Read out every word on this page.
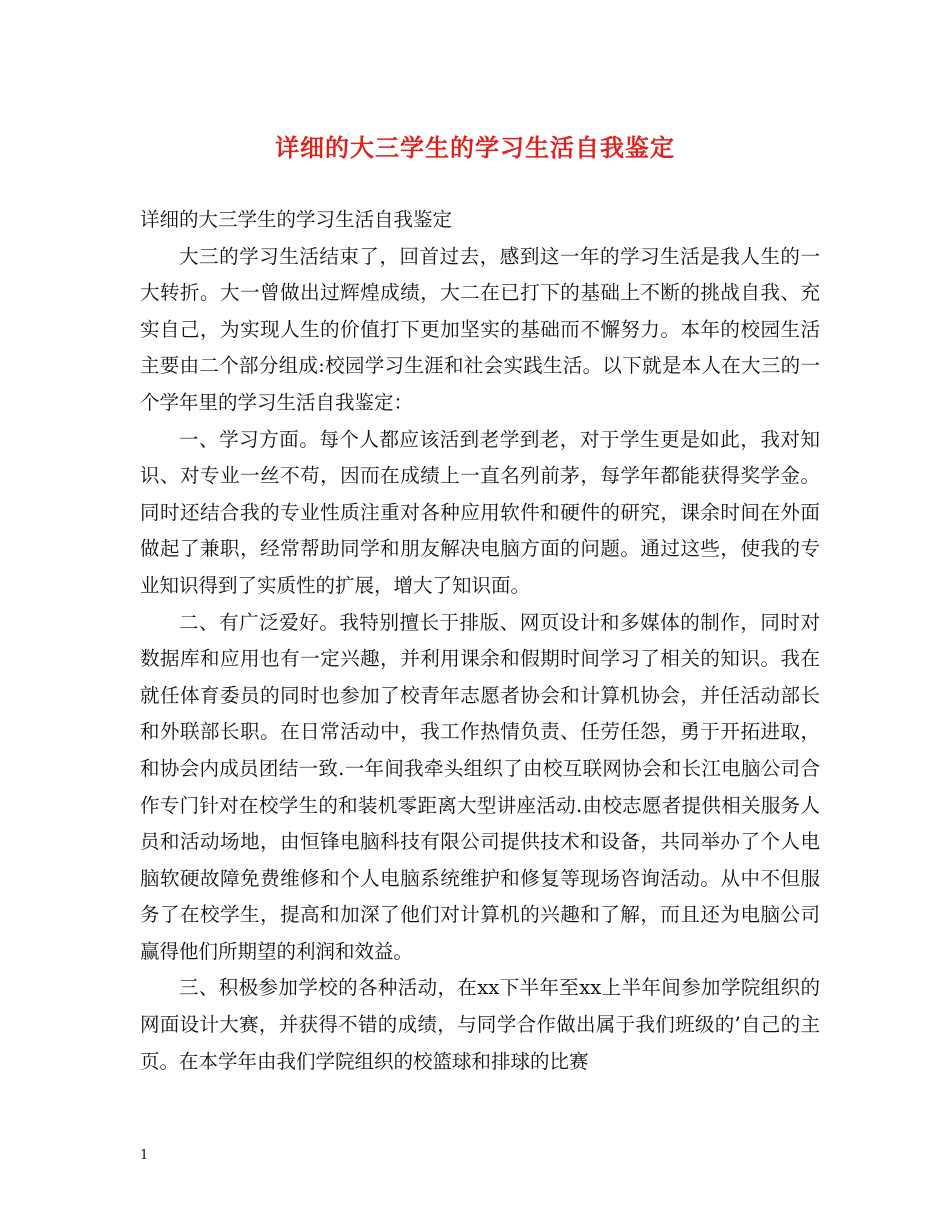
详细的大三学生的学习生活自我鉴定

详细的大三学生的学习生活自我鉴定

大三的学习生活结束了，回首过去，感到这一年的学习生活是我人生的一大转折。大一曾做出过辉煌成绩，大二在已打下的基础上不断的挑战自我、充实自己，为实现人生的价值打下更加坚实的基础而不懈努力。本年的校园生活主要由二个部分组成:校园学习生涯和社会实践生活。以下就是本人在大三的一个学年里的学习生活自我鉴定：

一、学习方面。每个人都应该活到老学到老，对于学生更是如此，我对知识、对专业一丝不苟，因而在成绩上一直名列前茅，每学年都能获得奖学金。同时还结合我的专业性质注重对各种应用软件和硬件的研究，课余时间在外面做起了兼职，经常帮助同学和朋友解决电脑方面的问题。通过这些，使我的专业知识得到了实质性的扩展，增大了知识面。

二、有广泛爱好。我特别擅长于排版、网页设计和多媒体的制作，同时对数据库和应用也有一定兴趣，并利用课余和假期时间学习了相关的知识。我在就任体育委员的同时也参加了校青年志愿者协会和计算机协会，并任活动部长和外联部长职。在日常活动中，我工作热情负责、任劳任怨，勇于开拓进取，和协会内成员团结一致.一年间我牵头组织了由校互联网协会和长江电脑公司合作专门针对在校学生的和装机零距离大型讲座活动.由校志愿者提供相关服务人员和活动场地，由恒锋电脑科技有限公司提供技术和设备，共同举办了个人电脑软硬故障免费维修和个人电脑系统维护和修复等现场咨询活动。从中不但服务了在校学生，提高和加深了他们对计算机的兴趣和了解，而且还为电脑公司赢得他们所期望的利润和效益。

三、积极参加学校的各种活动，在xx下半年至xx上半年间参加学院组织的网面设计大赛，并获得不错的成绩，与同学合作做出属于我们班级的’自己的主页。在本学年由我们学院组织的校篮球和排球的比赛

1
